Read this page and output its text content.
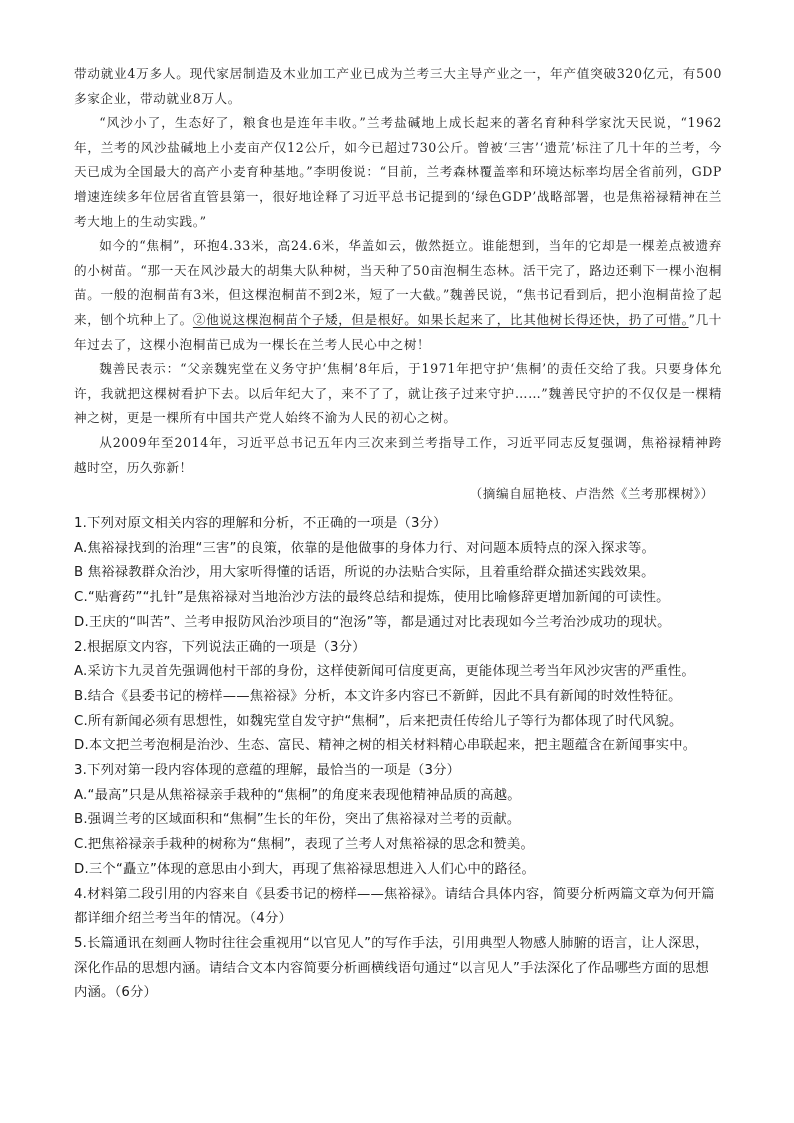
带动就业4万多人。现代家居制造及木业加工产业已成为兰考三大主导产业之一，年产值突破320亿元，有500多家企业，带动就业8万人。

“风沙小了，生态好了，粮食也是连年丰收。”兰考盐碱地上成长起来的著名育种科学家沈天民说，“1962年，兰考的风沙盐碱地上小麦亩产仅12公斤，如今已超过730公斤。曾被‘三害’‘遗荒’标注了几十年的兰考，今天已成为全国最大的高产小麦育种基地。”李明俊说：“目前，兰考森林覆盖率和环境达标率均居全省前列，GDP增速连续多年位居省直管县第一，很好地诠释了习近平总书记提到的‘绿色GDP’战略部署，也是焦裕禄精神在兰考大地上的生动实践。”

如今的“焦桐”，环抱4.33米，高24.6米，华盖如云，傲然挺立。谁能想到，当年的它却是一棵差点被遗弃的小树苗。“那一天在风沙最大的胡集大队种树，当天种了50亩泡桐生态林。活干完了，路边还剩下一棵小泡桐苗。一般的泡桐苗有3米，但这棵泡桐苗不到2米，短了一大截。”魏善民说，“焦书记看到后，把小泡桐苗捡了起来，刨个坑种上了。②他说这棵泡桐苗个子矮，但是根好。如果长起来了，比其他树长得还快，扔了可惜。”几十年过去了，这棵小泡桐苗已成为一棵长在兰考人民心中之树！

魏善民表示：“父亲魏宪堂在义务守护‘焦桐’8年后，于1971年把守护‘焦桐’的责任交给了我。只要身体允许，我就把这棵树看护下去。以后年纪大了，来不了了，就让孩子过来守护……”魏善民守护的不仅仅是一棵精神之树，更是一棵所有中国共产党人始终不渝为人民的初心之树。

从2009年至2014年，习近平总书记五年内三次来到兰考指导工作，习近平同志反复强调，焦裕禄精神跨越时空，历久弥新！

（摘编自屈艳枝、卢浩然《兰考那棵树》）

1.下列对原文相关内容的理解和分析，不正确的一项是（3分）

A.焦裕禄找到的治理“三害”的良策，依靠的是他做事的身体力行、对问题本质特点的深入探求等。

B 焦裕禄教群众治沙，用大家听得懂的话语，所说的办法贴合实际，且着重给群众描述实践效果。

C.“贴膏药”“扎针”是焦裕禄对当地治沙方法的最终总结和提炼，使用比喻修辞更增加新闻的可读性。

D.王庆的“叫苦”、兰考申报防风治沙项目的“泡汤”等，都是通过对比表现如今兰考治沙成功的现状。

2.根据原文内容，下列说法正确的一项是（3分）

A.采访卞九灵首先强调他村干部的身份，这样使新闻可信度更高，更能体现兰考当年风沙灾害的严重性。

B.结合《县委书记的榜样——焦裕禄》分析，本文许多内容已不新鲜，因此不具有新闻的时效性特征。

C.所有新闻必须有思想性，如魏宪堂自发守护“焦桐”，后来把责任传给儿子等行为都体现了时代风貌。

D.本文把兰考泡桐是治沙、生态、富民、精神之树的相关材料精心串联起来，把主题蕴含在新闻事实中。

3.下列对第一段内容体现的意蕴的理解，最恰当的一项是（3分）

A.“最高”只是从焦裕禄亲手栽种的“焦桐”的角度来表现他精神品质的高越。

B.强调兰考的区域面积和“焦桐”生长的年份，突出了焦裕禄对兰考的贡献。

C.把焦裕禄亲手栽种的树称为“焦桐”，表现了兰考人对焦裕禄的思念和赞美。

D.三个“矗立”体现的意思由小到大，再现了焦裕禄思想进入人们心中的路径。

4.材料第二段引用的内容来自《县委书记的榜样——焦裕禄》。请结合具体内容，简要分析两篇文章为何开篇都详细介绍兰考当年的情况。（4分）

5.长篇通讯在刻画人物时往往会重视用“以官见人”的写作手法，引用典型人物感人肺腑的语言，让人深思，深化作品的思想内涵。请结合文本内容简要分析画横线语句通过“以言见人”手法深化了作品哪些方面的思想内涵。（6分）
